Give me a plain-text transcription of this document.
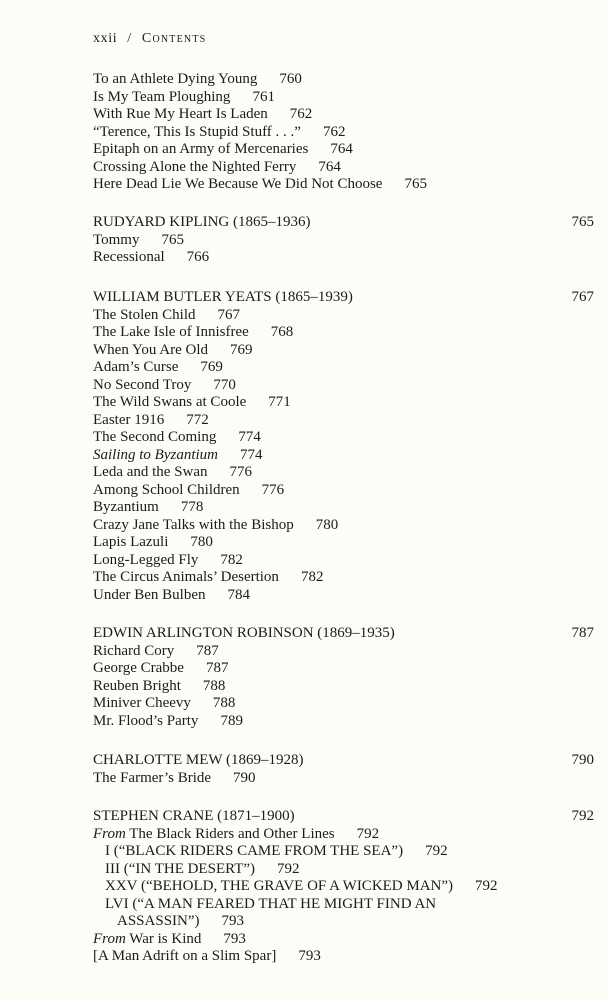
xxii / Contents
To an Athlete Dying Young 760
Is My Team Ploughing 761
With Rue My Heart Is Laden 762
“Terence, This Is Stupid Stuff . . .” 762
Epitaph on an Army of Mercenaries 764
Crossing Alone the Nighted Ferry 764
Here Dead Lie We Because We Did Not Choose 765
RUDYARD KIPLING (1865–1936)	765
Tommy 765
Recessional 766
WILLIAM BUTLER YEATS (1865–1939)	767
The Stolen Child 767
The Lake Isle of Innisfree 768
When You Are Old 769
Adam’s Curse 769
No Second Troy 770
The Wild Swans at Coole 771
Easter 1916 772
The Second Coming 774
Sailing to Byzantium 774
Leda and the Swan 776
Among School Children 776
Byzantium 778
Crazy Jane Talks with the Bishop 780
Lapis Lazuli 780
Long-Legged Fly 782
The Circus Animals’ Desertion 782
Under Ben Bulben 784
EDWIN ARLINGTON ROBINSON (1869–1935)	787
Richard Cory 787
George Crabbe 787
Reuben Bright 788
Miniver Cheevy 788
Mr. Flood’s Party 789
CHARLOTTE MEW (1869–1928)	790
The Farmer’s Bride 790
STEPHEN CRANE (1871–1900)	792
From The Black Riders and Other Lines 792
I (“BLACK RIDERS CAME FROM THE SEA”) 792
III (“IN THE DESERT”) 792
XXV (“BEHOLD, THE GRAVE OF A WICKED MAN”) 792
LVI (“A MAN FEARED THAT HE MIGHT FIND AN
ASSASSIN”) 793
From War is Kind 793
[A Man Adrift on a Slim Spar] 793
